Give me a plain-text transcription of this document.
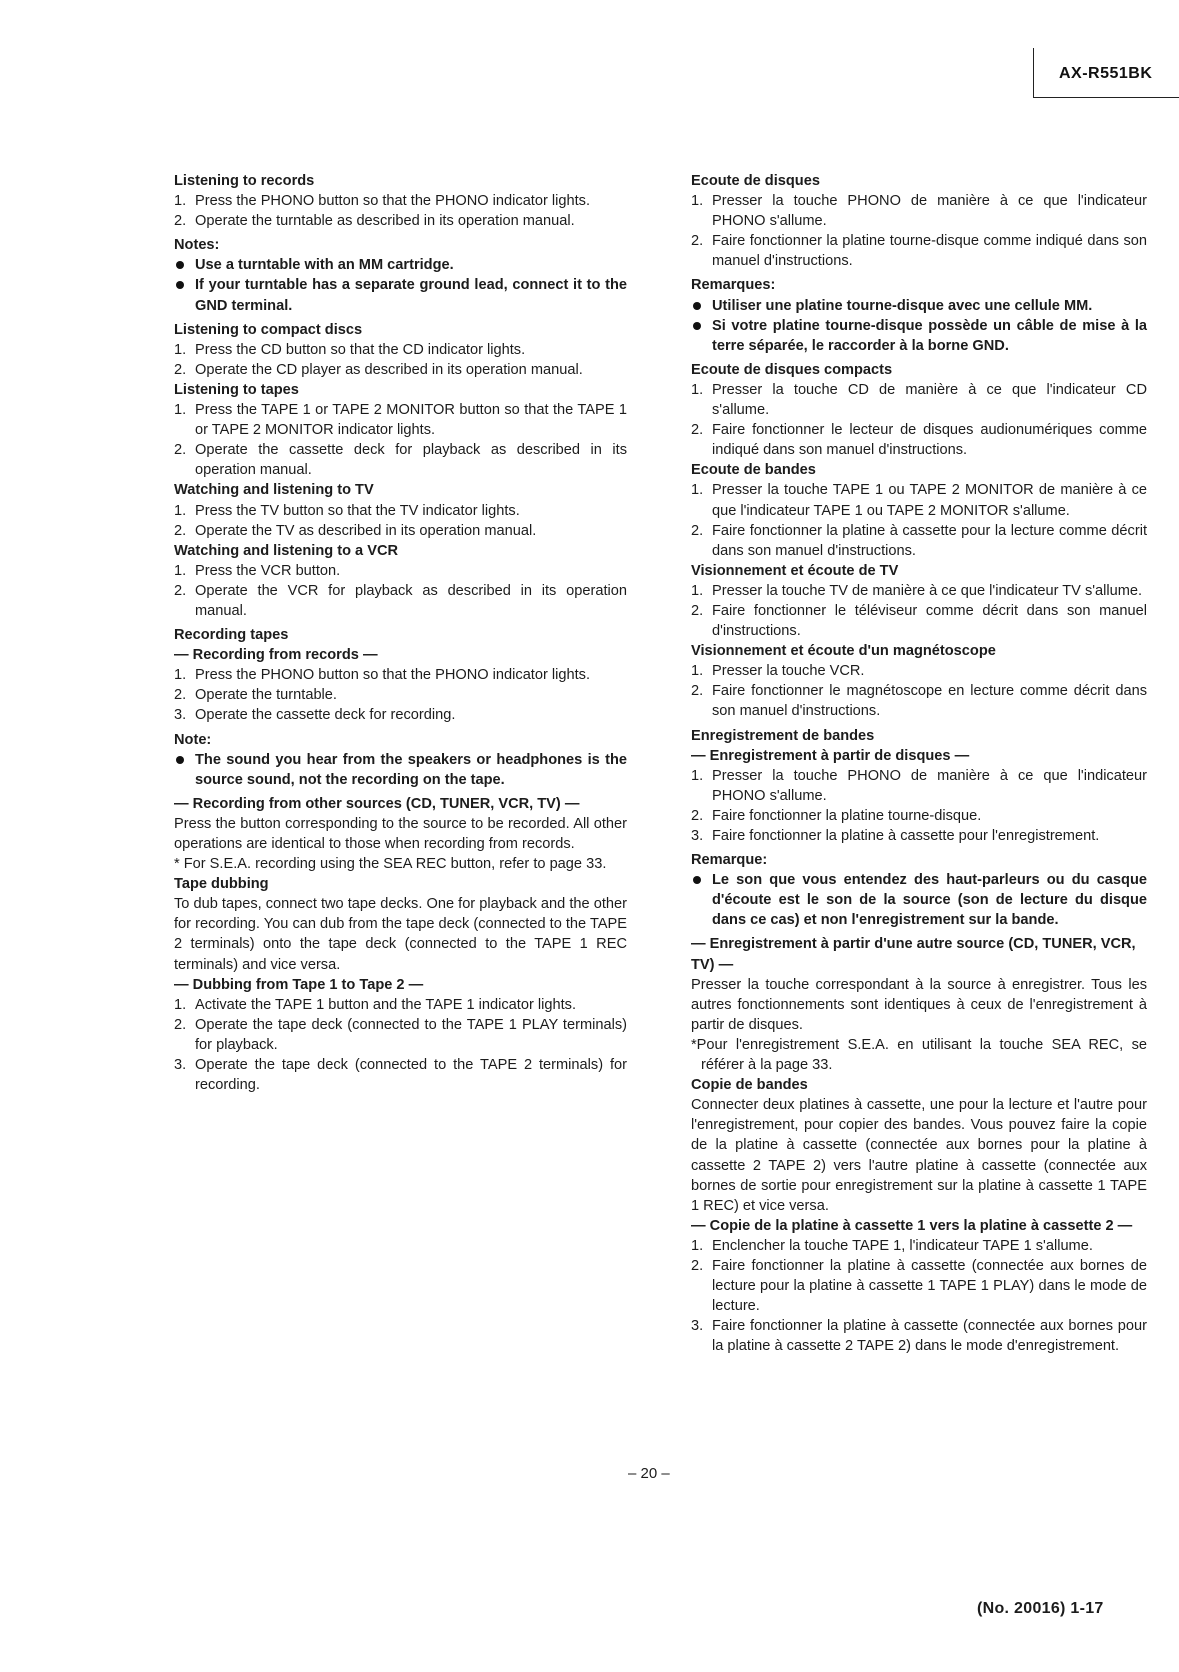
AX-R551BK
Listening to records
1. Press the PHONO button so that the PHONO indicator lights.
2. Operate the turntable as described in its operation manual.
Notes:
Use a turntable with an MM cartridge.
If your turntable has a separate ground lead, connect it to the GND terminal.
Listening to compact discs
1. Press the CD button so that the CD indicator lights.
2. Operate the CD player as described in its operation manual.
Listening to tapes
1. Press the TAPE 1 or TAPE 2 MONITOR button so that the TAPE 1 or TAPE 2 MONITOR indicator lights.
2. Operate the cassette deck for playback as described in its operation manual.
Watching and listening to TV
1. Press the TV button so that the TV indicator lights.
2. Operate the TV as described in its operation manual.
Watching and listening to a VCR
1. Press the VCR button.
2. Operate the VCR for playback as described in its operation manual.
Recording tapes
— Recording from records —
1. Press the PHONO button so that the PHONO indicator lights.
2. Operate the turntable.
3. Operate the cassette deck for recording.
Note:
The sound you hear from the speakers or headphones is the source sound, not the recording on the tape.
— Recording from other sources (CD, TUNER, VCR, TV) —

Press the button corresponding to the source to be recorded. All other operations are identical to those when recording from records.

* For S.E.A. recording using the SEA REC button, refer to page 33.

Tape dubbing

To dub tapes, connect two tape decks. One for playback and the other for recording. You can dub from the tape deck (connected to the TAPE 2 terminals) onto the tape deck (connected to the TAPE 1 REC terminals) and vice versa.

— Dubbing from Tape 1 to Tape 2 —
1. Activate the TAPE 1 button and the TAPE 1 indicator lights.
2. Operate the tape deck (connected to the TAPE 1 PLAY terminals) for playback.
3. Operate the tape deck (connected to the TAPE 2 terminals) for recording.
Ecoute de disques
1. Presser la touche PHONO de manière à ce que l'indicateur PHONO s'allume.
2. Faire fonctionner la platine tourne-disque comme indiqué dans son manuel d'instructions.
Remarques:
Utiliser une platine tourne-disque avec une cellule MM.
Si votre platine tourne-disque possède un câble de mise à la terre séparée, le raccorder à la borne GND.
Ecoute de disques compacts
1. Presser la touche CD de manière à ce que l'indicateur CD s'allume.
2. Faire fonctionner le lecteur de disques audionumériques comme indiqué dans son manuel d'instructions.
Ecoute de bandes
1. Presser la touche TAPE 1 ou TAPE 2 MONITOR de manière à ce que l'indicateur TAPE 1 ou TAPE 2 MONITOR s'allume.
2. Faire fonctionner la platine à cassette pour la lecture comme décrit dans son manuel d'instructions.
Visionnement et écoute de TV
1. Presser la touche TV de manière à ce que l'indicateur TV s'allume.
2. Faire fonctionner le téléviseur comme décrit dans son manuel d'instructions.
Visionnement et écoute d'un magnétoscope
1. Presser la touche VCR.
2. Faire fonctionner le magnétoscope en lecture comme décrit dans son manuel d'instructions.
Enregistrement de bandes
— Enregistrement à partir de disques —
1. Presser la touche PHONO de manière à ce que l'indicateur PHONO s'allume.
2. Faire fonctionner la platine tourne-disque.
3. Faire fonctionner la platine à cassette pour l'enregistrement.
Remarque:
Le son que vous entendez des haut-parleurs ou du casque d'écoute est le son de la source (son de lecture du disque dans ce cas) et non l'enregistrement sur la bande.
— Enregistrement à partir d'une autre source (CD, TUNER, VCR, TV) —

Presser la touche correspondant à la source à enregistrer. Tous les autres fonctionnements sont identiques à ceux de l'enregistrement à partir de disques.

*Pour l'enregistrement S.E.A. en utilisant la touche SEA REC, se référer à la page 33.

Copie de bandes

Connecter deux platines à cassette, une pour la lecture et l'autre pour l'enregistrement, pour copier des bandes. Vous pouvez faire la copie de la platine à cassette (connectée aux bornes pour la platine à cassette 2 TAPE 2) vers l'autre platine à cassette (connectée aux bornes de sortie pour enregistrement sur la platine à cassette 1 TAPE 1 REC) et vice versa.

— Copie de la platine à cassette 1 vers la platine à cassette 2 —
1. Enclencher la touche TAPE 1, l'indicateur TAPE 1 s'allume.
2. Faire fonctionner la platine à cassette (connectée aux bornes de lecture pour la platine à cassette 1 TAPE 1 PLAY) dans le mode de lecture.
3. Faire fonctionner la platine à cassette (connectée aux bornes pour la platine à cassette 2 TAPE 2) dans le mode d'enregistrement.
– 20 –
(No. 20016) 1-17
